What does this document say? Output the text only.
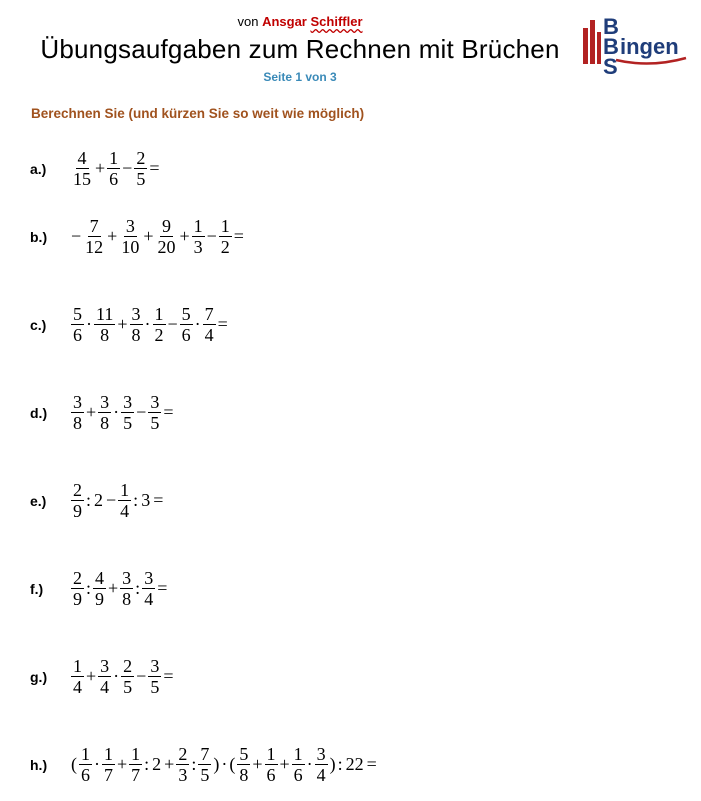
von Ansgar Schiffler
Übungsaufgaben zum Rechnen mit Brüchen
Seite 1 von 3
B
B
S
ingen
Berechnen Sie (und kürzen Sie so weit wie möglich)
a.)	$\frac{4}{15} + \frac{1}{6} - \frac{2}{5}$ =
b.)	− $\frac{7}{12} + \frac{3}{10} + \frac{9}{20} + \frac{1}{3} - \frac{1}{2}$ =
c.)	$\frac{5}{6} \cdot \frac{11}{8} + \frac{3}{8} \cdot \frac{1}{2} - \frac{5}{6} \cdot \frac{7}{4}$ =
d.)	$\frac{3}{8} + \frac{3}{8} \cdot \frac{3}{5} - \frac{3}{5}$ =
e.)	$\frac{2}{9}$ : $2 - \frac{1}{4}$ : 3 =
f.)	$\frac{2}{9}$ : $\frac{4}{9} + \frac{3}{8}$ : $\frac{3}{4}$ =
g.)	$\frac{1}{4} + \frac{3}{4} \cdot \frac{2}{5} - \frac{3}{5}$ =
h.)	( $\frac{1}{6} \cdot \frac{1}{7} + \frac{1}{7}$ : $2 + \frac{2}{3}$ : $\frac{7}{5}$ ) · ( $\frac{5}{8} + \frac{1}{6} + \frac{1}{6} \cdot \frac{3}{4}$ ) : 22 =
